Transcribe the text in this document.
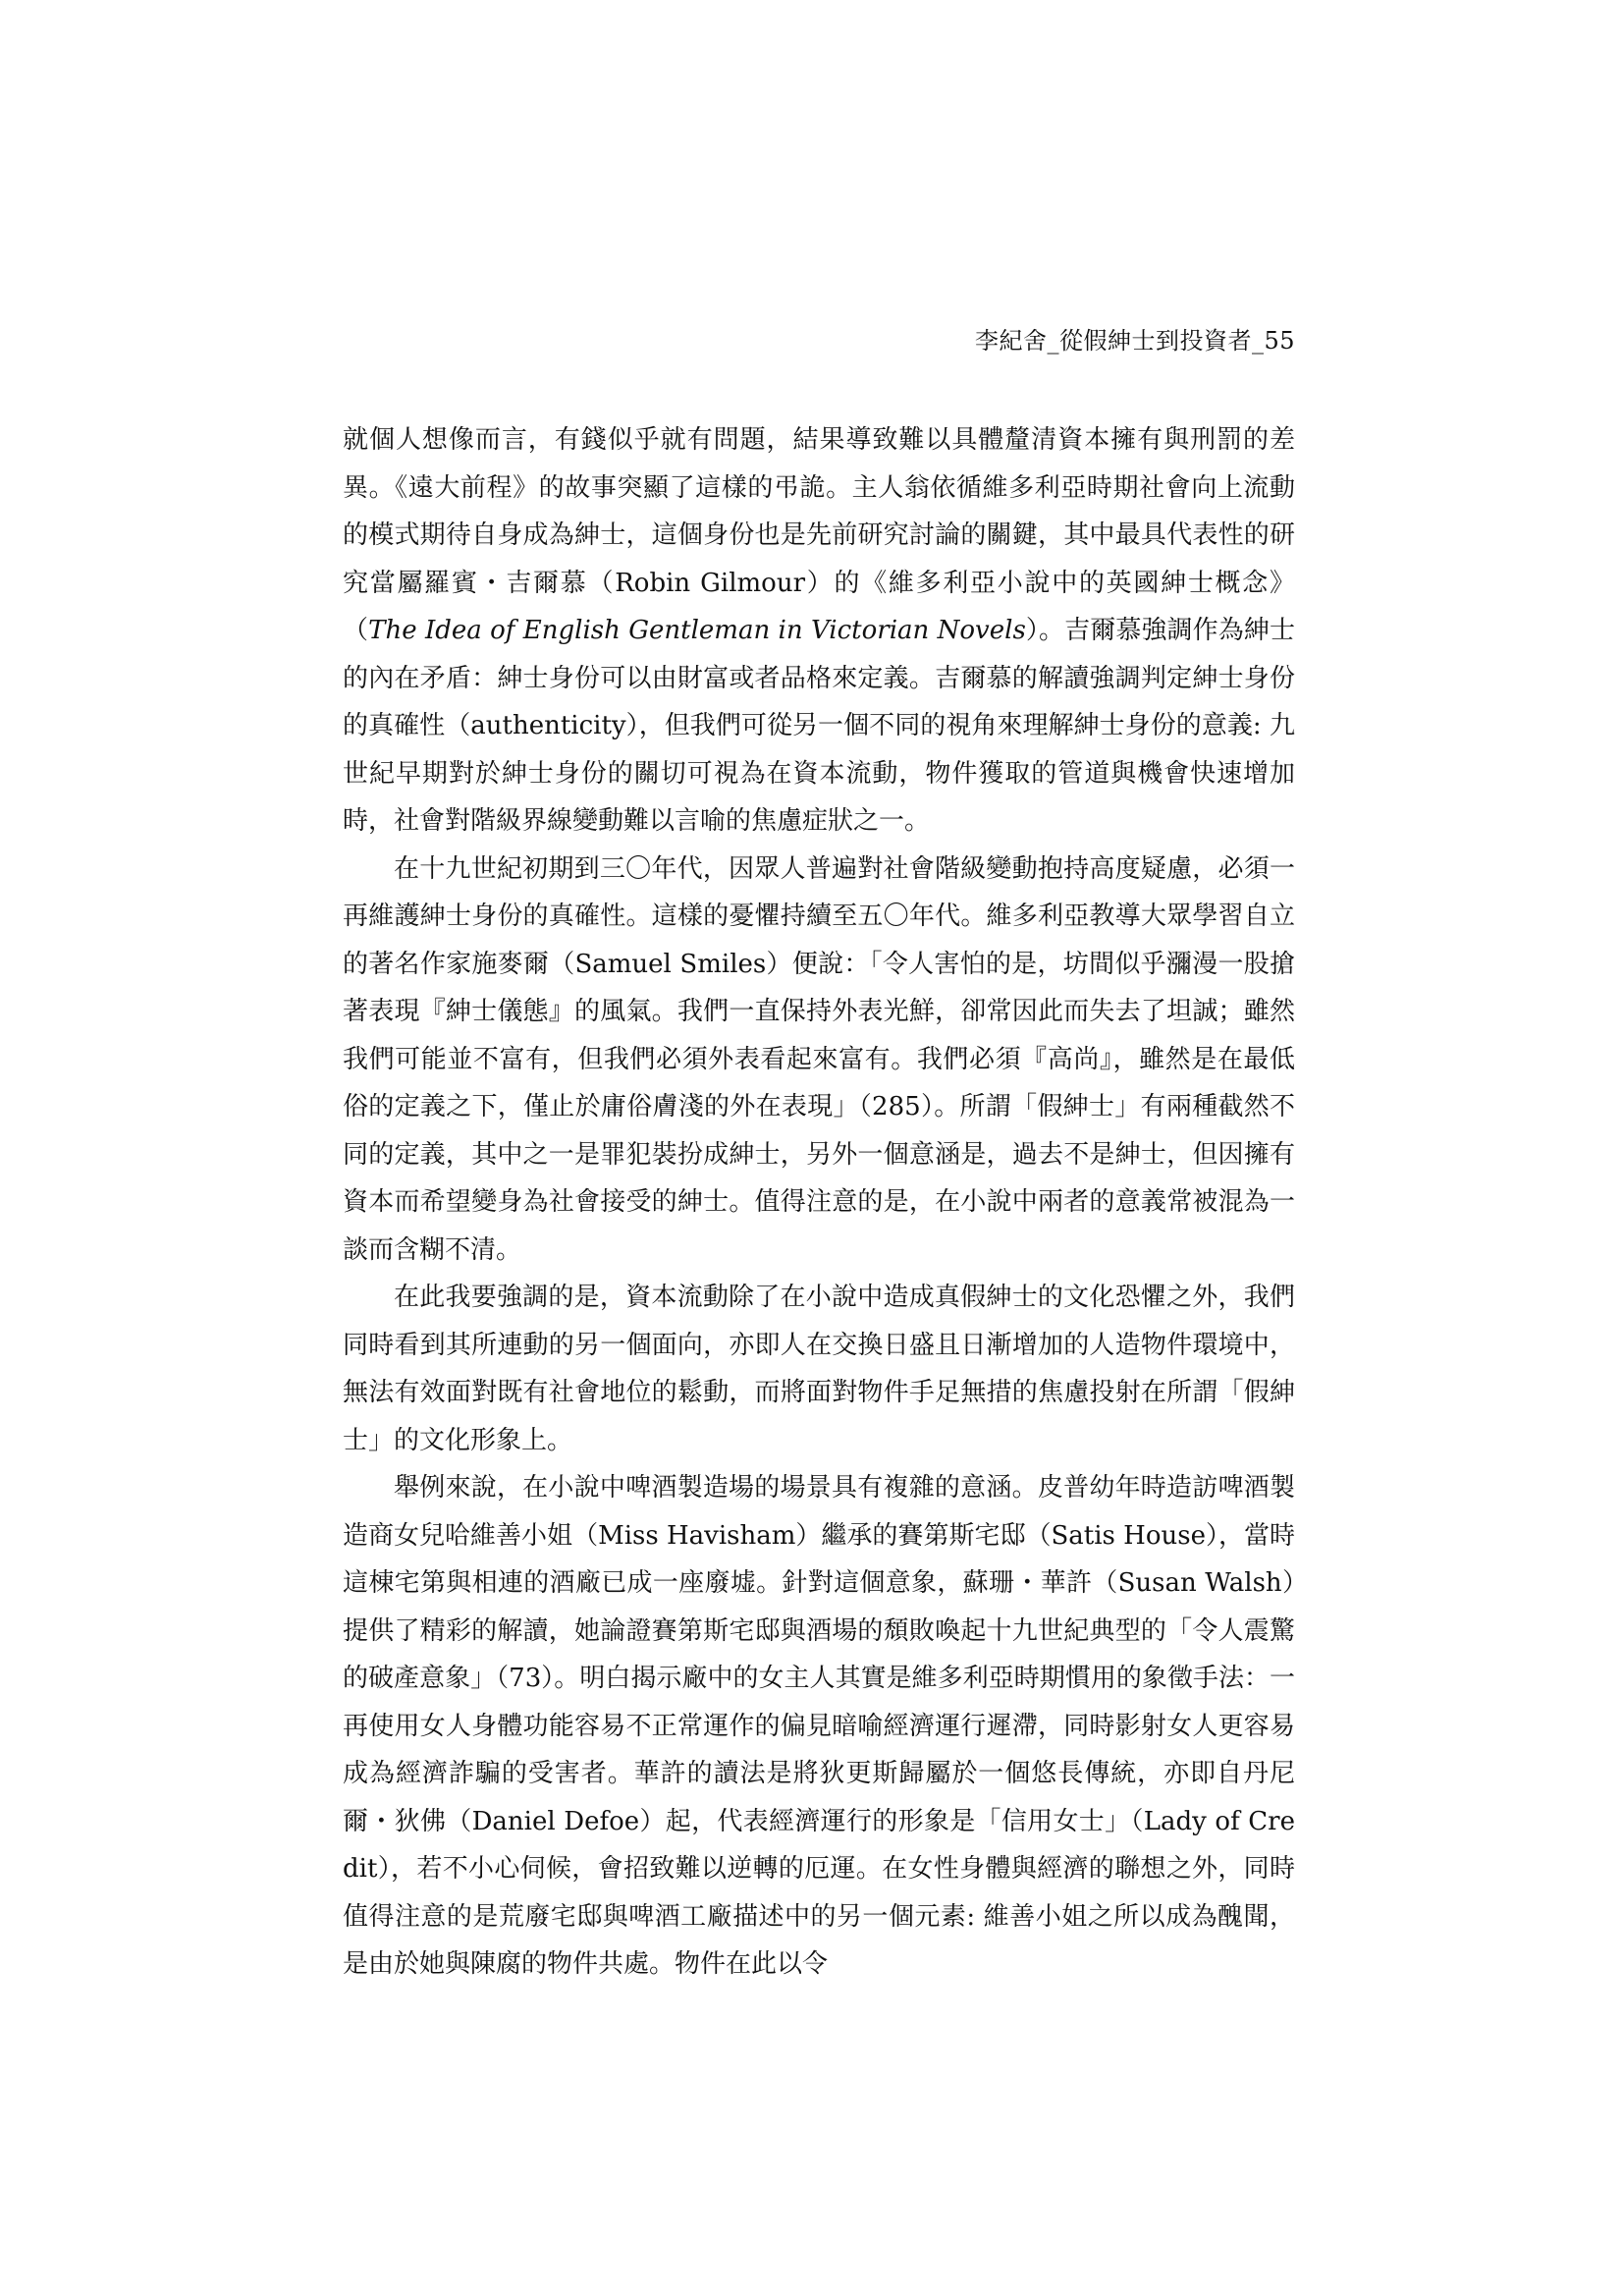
李紀舍_從假紳士到投資者_55

就個人想像而言，有錢似乎就有問題，結果導致難以具體釐清資本擁有與刑罰的差異。《遠大前程》的故事突顯了這樣的弔詭。主人翁依循維多利亞時期社會向上流動的模式期待自身成為紳士，這個身份也是先前研究討論的關鍵，其中最具代表性的研究當屬羅賓・吉爾慕（Robin Gilmour）的《維多利亞小說中的英國紳士概念》（The Idea of English Gentleman in Victorian Novels）。吉爾慕強調作為紳士的內在矛盾：紳士身份可以由財富或者品格來定義。吉爾慕的解讀強調判定紳士身份的真確性（authenticity），但我們可從另一個不同的視角來理解紳士身份的意義: 九世紀早期對於紳士身份的關切可視為在資本流動，物件獲取的管道與機會快速增加時，社會對階級界線變動難以言喻的焦慮症狀之一。

在十九世紀初期到三〇年代，因眾人普遍對社會階級變動抱持高度疑慮，必須一再維護紳士身份的真確性。這樣的憂懼持續至五〇年代。維多利亞教導大眾學習自立的著名作家施麥爾（Samuel Smiles）便說：「令人害怕的是，坊間似乎瀰漫一股搶著表現『紳士儀態』的風氣。我們一直保持外表光鮮，卻常因此而失去了坦誠；雖然我們可能並不富有，但我們必須外表看起來富有。我們必須『高尚』，雖然是在最低俗的定義之下，僅止於庸俗膚淺的外在表現」（285）。所謂「假紳士」有兩種截然不同的定義，其中之一是罪犯裝扮成紳士，另外一個意涵是，過去不是紳士，但因擁有資本而希望變身為社會接受的紳士。值得注意的是，在小說中兩者的意義常被混為一談而含糊不清。

在此我要強調的是，資本流動除了在小說中造成真假紳士的文化恐懼之外，我們同時看到其所連動的另一個面向，亦即人在交換日盛且日漸增加的人造物件環境中，無法有效面對既有社會地位的鬆動，而將面對物件手足無措的焦慮投射在所謂「假紳士」的文化形象上。

舉例來說，在小說中啤酒製造場的場景具有複雜的意涵。皮普幼年時造訪啤酒製造商女兒哈維善小姐（Miss Havisham）繼承的賽第斯宅邸（Satis House），當時這棟宅第與相連的酒廠已成一座廢墟。針對這個意象，蘇珊・華許（Susan Walsh）提供了精彩的解讀，她論證賽第斯宅邸與酒場的頹敗喚起十九世紀典型的「令人震驚的破產意象」（73）。明白揭示廠中的女主人其實是維多利亞時期慣用的象徵手法：一再使用女人身體功能容易不正常運作的偏見暗喻經濟運行遲滯，同時影射女人更容易成為經濟詐騙的受害者。華許的讀法是將狄更斯歸屬於一個悠長傳統，亦即自丹尼爾・狄佛（Daniel Defoe）起，代表經濟運行的形象是「信用女士」（Lady of Credit），若不小心伺候，會招致難以逆轉的厄運。在女性身體與經濟的聯想之外，同時值得注意的是荒廢宅邸與啤酒工廠描述中的另一個元素: 維善小姐之所以成為醜聞，是由於她與陳腐的物件共處。物件在此以令
